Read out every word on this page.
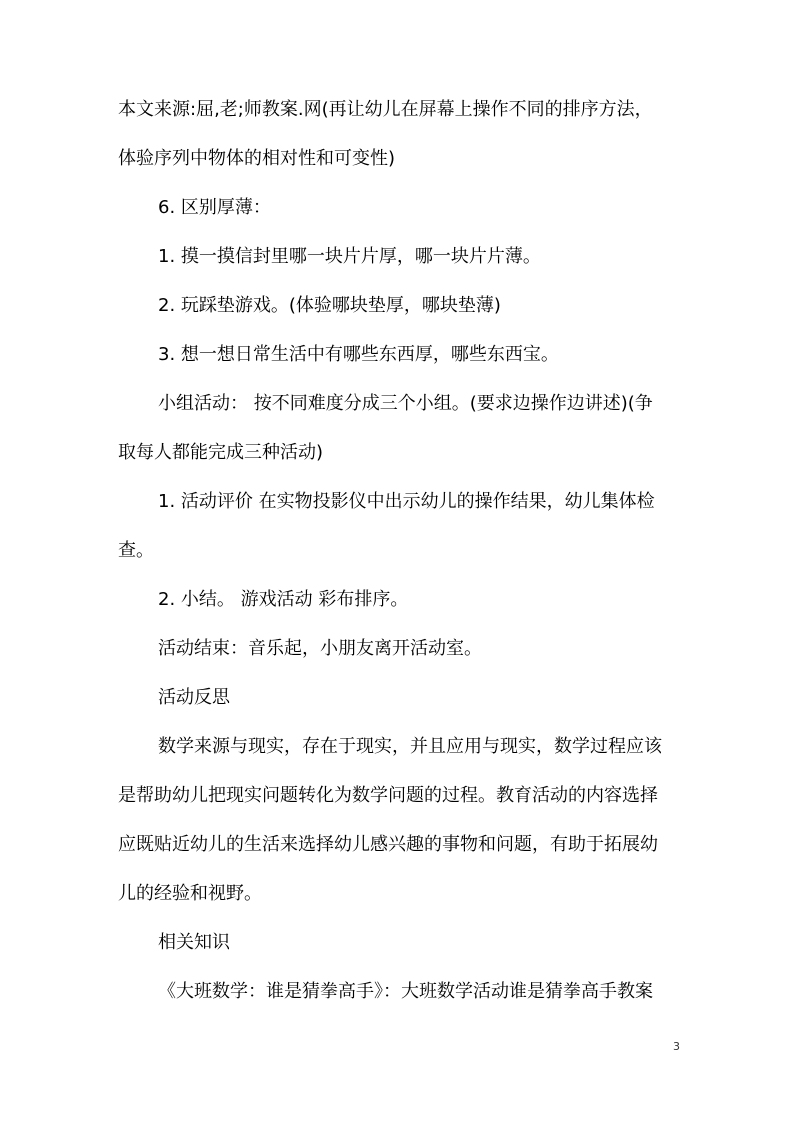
本文来源:屈,老;师教案.网(再让幼儿在屏幕上操作不同的排序方法，
体验序列中物体的相对性和可变性)
6. 区别厚薄：
1. 摸一摸信封里哪一块片片厚，哪一块片片薄。
2. 玩踩垫游戏。(体验哪块垫厚，哪块垫薄)
3. 想一想日常生活中有哪些东西厚，哪些东西宝。
小组活动： 按不同难度分成三个小组。(要求边操作边讲述)(争
取每人都能完成三种活动)
1. 活动评价 在实物投影仪中出示幼儿的操作结果，幼儿集体检
查。
2. 小结。 游戏活动 彩布排序。
活动结束：音乐起，小朋友离开活动室。
活动反思
数学来源与现实，存在于现实，并且应用与现实，数学过程应该
是帮助幼儿把现实问题转化为数学问题的过程。教育活动的内容选择
应既贴近幼儿的生活来选择幼儿感兴趣的事物和问题，有助于拓展幼
儿的经验和视野。
相关知识
《大班数学：谁是猜拳高手》：大班数学活动谁是猜拳高手教案
3
